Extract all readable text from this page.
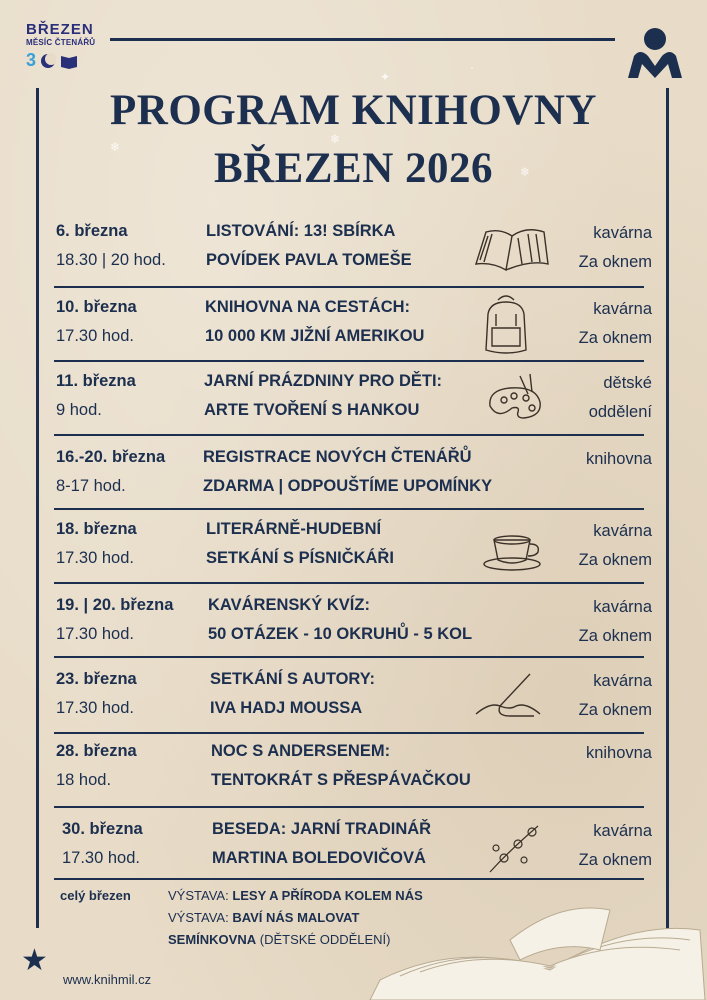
✦
❄
❄
❄
·
BŘEZEN
MĚSÍC ČTENÁŘŮ
3
PROGRAM KNIHOVNY
BŘEZEN 2026
6. března
18.30 | 20 hod.
LISTOVÁNÍ: 13! SBÍRKA
POVÍDEK PAVLA TOMEŠE
kavárna
Za oknem
10. března
17.30 hod.
KNIHOVNA NA CESTÁCH:
10 000 KM JIŽNÍ AMERIKOU
kavárna
Za oknem
11. března
9 hod.
JARNÍ PRÁZDNINY PRO DĚTI:
ARTE TVOŘENÍ S HANKOU
dětské
oddělení
16.-20. března
8-17 hod.
REGISTRACE NOVÝCH ČTENÁŘŮ
ZDARMA | ODPOUŠTÍME UPOMÍNKY
knihovna
18. března
17.30 hod.
LITERÁRNĚ-HUDEBNÍ
SETKÁNÍ S PÍSNIČKÁŘI
kavárna
Za oknem
19. | 20. března
17.30 hod.
KAVÁRENSKÝ KVÍZ:
50 OTÁZEK - 10 OKRUHŮ - 5 KOL
kavárna
Za oknem
23. března
17.30 hod.
SETKÁNÍ S AUTORY:
IVA HADJ MOUSSA
kavárna
Za oknem
28. března
18 hod.
NOC S ANDERSENEM:
TENTOKRÁT S PŘESPÁVAČKOU
knihovna
30. března
17.30 hod.
BESEDA: JARNÍ TRADINÁŘ
MARTINA BOLEDOVIČOVÁ
kavárna
Za oknem
celý březen	VÝSTAVA: LESY A PŘÍRODA KOLEM NÁS
VÝSTAVA: BAVÍ NÁS MALOVAT
SEMÍNKOVNA (DĚTSKÉ ODDĚLENÍ)
★
www.knihmil.cz
